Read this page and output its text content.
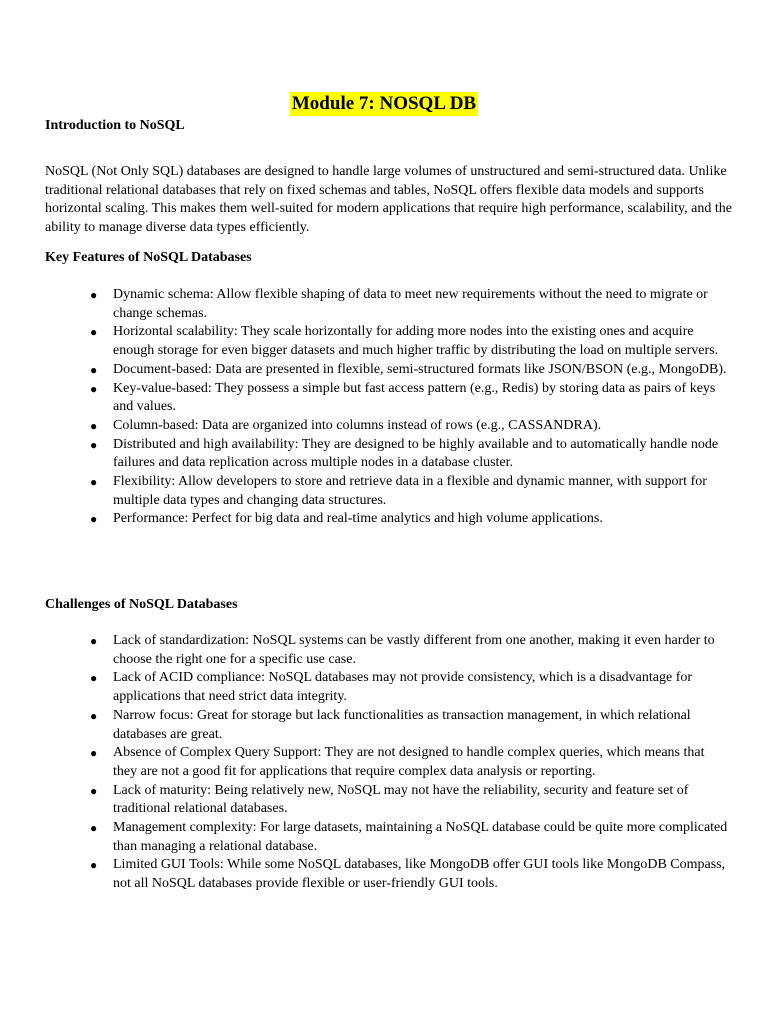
Module 7: NOSQL DB
Introduction to NoSQL

NoSQL (Not Only SQL) databases are designed to handle large volumes of unstructured and semi-structured data. Unlike traditional relational databases that rely on fixed schemas and tables, NoSQL offers flexible data models and supports horizontal scaling. This makes them well-suited for modern applications that require high performance, scalability, and the ability to manage diverse data types efficiently.

Key Features of NoSQL Databases
● Dynamic schema: Allow flexible shaping of data to meet new requirements without the need to migrate or change schemas.
● Horizontal scalability: They scale horizontally for adding more nodes into the existing ones and acquire enough storage for even bigger datasets and much higher traffic by distributing the load on multiple servers.
● Document-based: Data are presented in flexible, semi-structured formats like JSON/BSON (e.g., MongoDB).
● Key-value-based: They possess a simple but fast access pattern (e.g., Redis) by storing data as pairs of keys and values.
● Column-based: Data are organized into columns instead of rows (e.g., CASSANDRA).
● Distributed and high availability: They are designed to be highly available and to automatically handle node failures and data replication across multiple nodes in a database cluster.
● Flexibility: Allow developers to store and retrieve data in a flexible and dynamic manner, with support for multiple data types and changing data structures.
● Performance: Perfect for big data and real-time analytics and high volume applications.
Challenges of NoSQL Databases
● Lack of standardization: NoSQL systems can be vastly different from one another, making it even harder to choose the right one for a specific use case.
● Lack of ACID compliance: NoSQL databases may not provide consistency, which is a disadvantage for applications that need strict data integrity.
● Narrow focus: Great for storage but lack functionalities as transaction management, in which relational databases are great.
● Absence of Complex Query Support: They are not designed to handle complex queries, which means that they are not a good fit for applications that require complex data analysis or reporting.
● Lack of maturity: Being relatively new, NoSQL may not have the reliability, security and feature set of traditional relational databases.
● Management complexity: For large datasets, maintaining a NoSQL database could be quite more complicated than managing a relational database.
● Limited GUI Tools: While some NoSQL databases, like MongoDB offer GUI tools like MongoDB Compass, not all NoSQL databases provide flexible or user-friendly GUI tools.
